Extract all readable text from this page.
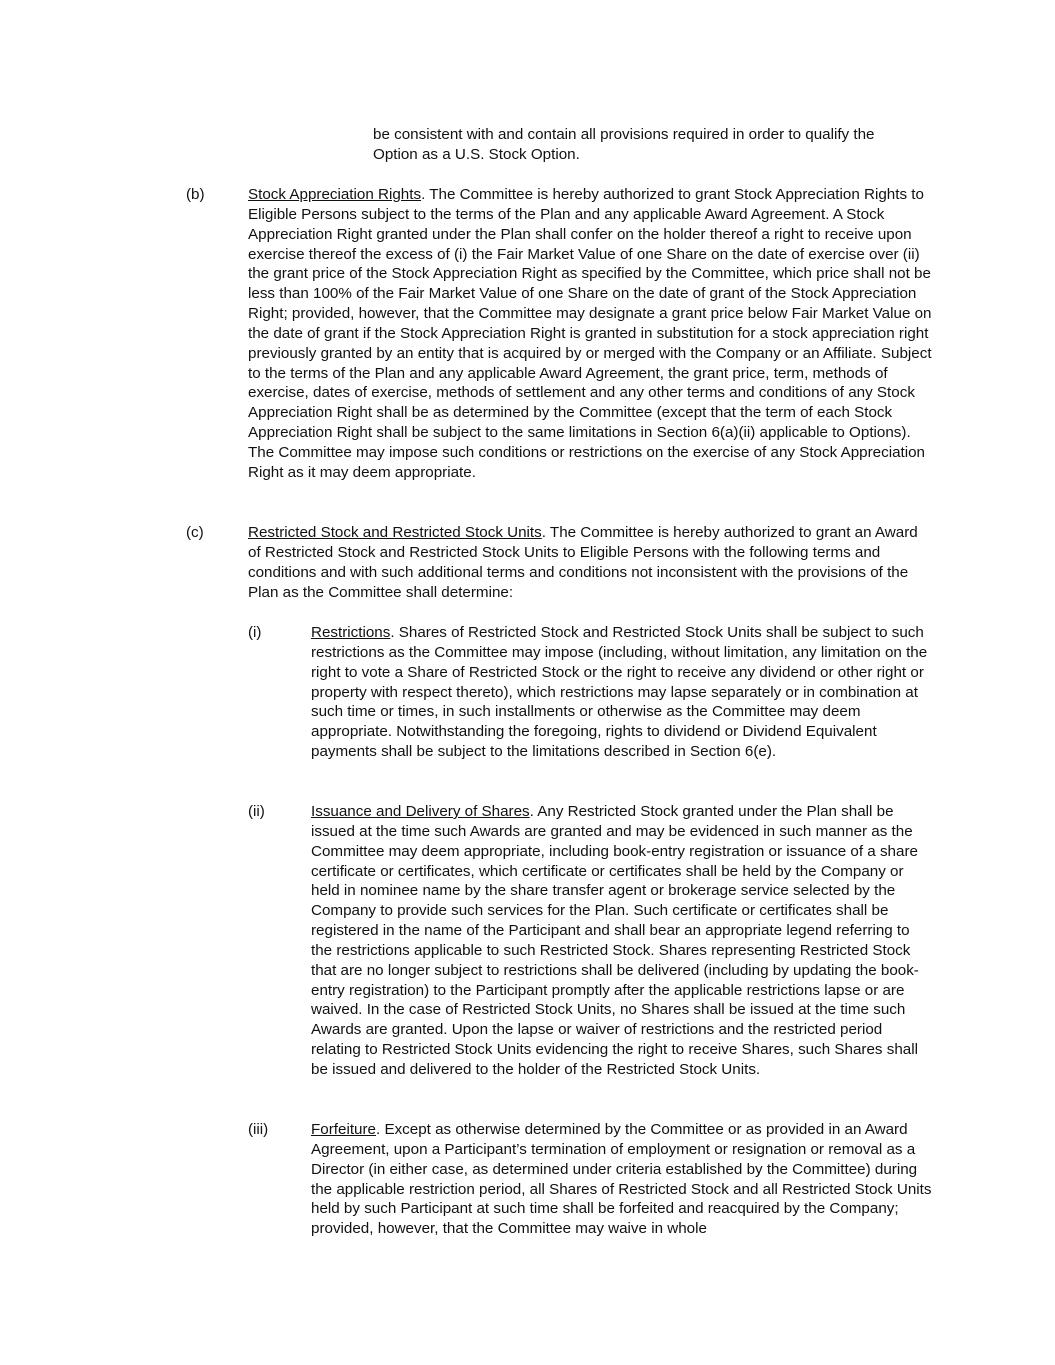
be consistent with and contain all provisions required in order to qualify the Option as a U.S. Stock Option.

(b)	Stock Appreciation Rights. The Committee is hereby authorized to grant Stock Appreciation Rights to Eligible Persons subject to the terms of the Plan and any applicable Award Agreement. A Stock Appreciation Right granted under the Plan shall confer on the holder thereof a right to receive upon exercise thereof the excess of (i) the Fair Market Value of one Share on the date of exercise over (ii) the grant price of the Stock Appreciation Right as specified by the Committee, which price shall not be less than 100% of the Fair Market Value of one Share on the date of grant of the Stock Appreciation Right; provided, however, that the Committee may designate a grant price below Fair Market Value on the date of grant if the Stock Appreciation Right is granted in substitution for a stock appreciation right previously granted by an entity that is acquired by or merged with the Company or an Affiliate. Subject to the terms of the Plan and any applicable Award Agreement, the grant price, term, methods of exercise, dates of exercise, methods of settlement and any other terms and conditions of any Stock Appreciation Right shall be as determined by the Committee (except that the term of each Stock Appreciation Right shall be subject to the same limitations in Section 6(a)(ii) applicable to Options). The Committee may impose such conditions or restrictions on the exercise of any Stock Appreciation Right as it may deem appropriate.

(c)	Restricted Stock and Restricted Stock Units. The Committee is hereby authorized to grant an Award of Restricted Stock and Restricted Stock Units to Eligible Persons with the following terms and conditions and with such additional terms and conditions not inconsistent with the provisions of the Plan as the Committee shall determine:

(i)	Restrictions. Shares of Restricted Stock and Restricted Stock Units shall be subject to such restrictions as the Committee may impose (including, without limitation, any limitation on the right to vote a Share of Restricted Stock or the right to receive any dividend or other right or property with respect thereto), which restrictions may lapse separately or in combination at such time or times, in such installments or otherwise as the Committee may deem appropriate. Notwithstanding the foregoing, rights to dividend or Dividend Equivalent payments shall be subject to the limitations described in Section 6(e).

(ii)	Issuance and Delivery of Shares. Any Restricted Stock granted under the Plan shall be issued at the time such Awards are granted and may be evidenced in such manner as the Committee may deem appropriate, including book-entry registration or issuance of a share certificate or certificates, which certificate or certificates shall be held by the Company or held in nominee name by the share transfer agent or brokerage service selected by the Company to provide such services for the Plan. Such certificate or certificates shall be registered in the name of the Participant and shall bear an appropriate legend referring to the restrictions applicable to such Restricted Stock. Shares representing Restricted Stock that are no longer subject to restrictions shall be delivered (including by updating the book-entry registration) to the Participant promptly after the applicable restrictions lapse or are waived. In the case of Restricted Stock Units, no Shares shall be issued at the time such Awards are granted. Upon the lapse or waiver of restrictions and the restricted period relating to Restricted Stock Units evidencing the right to receive Shares, such Shares shall be issued and delivered to the holder of the Restricted Stock Units.

(iii)	Forfeiture. Except as otherwise determined by the Committee or as provided in an Award Agreement, upon a Participant’s termination of employment or resignation or removal as a Director (in either case, as determined under criteria established by the Committee) during the applicable restriction period, all Shares of Restricted Stock and all Restricted Stock Units held by such Participant at such time shall be forfeited and reacquired by the Company; provided, however, that the Committee may waive in whole
